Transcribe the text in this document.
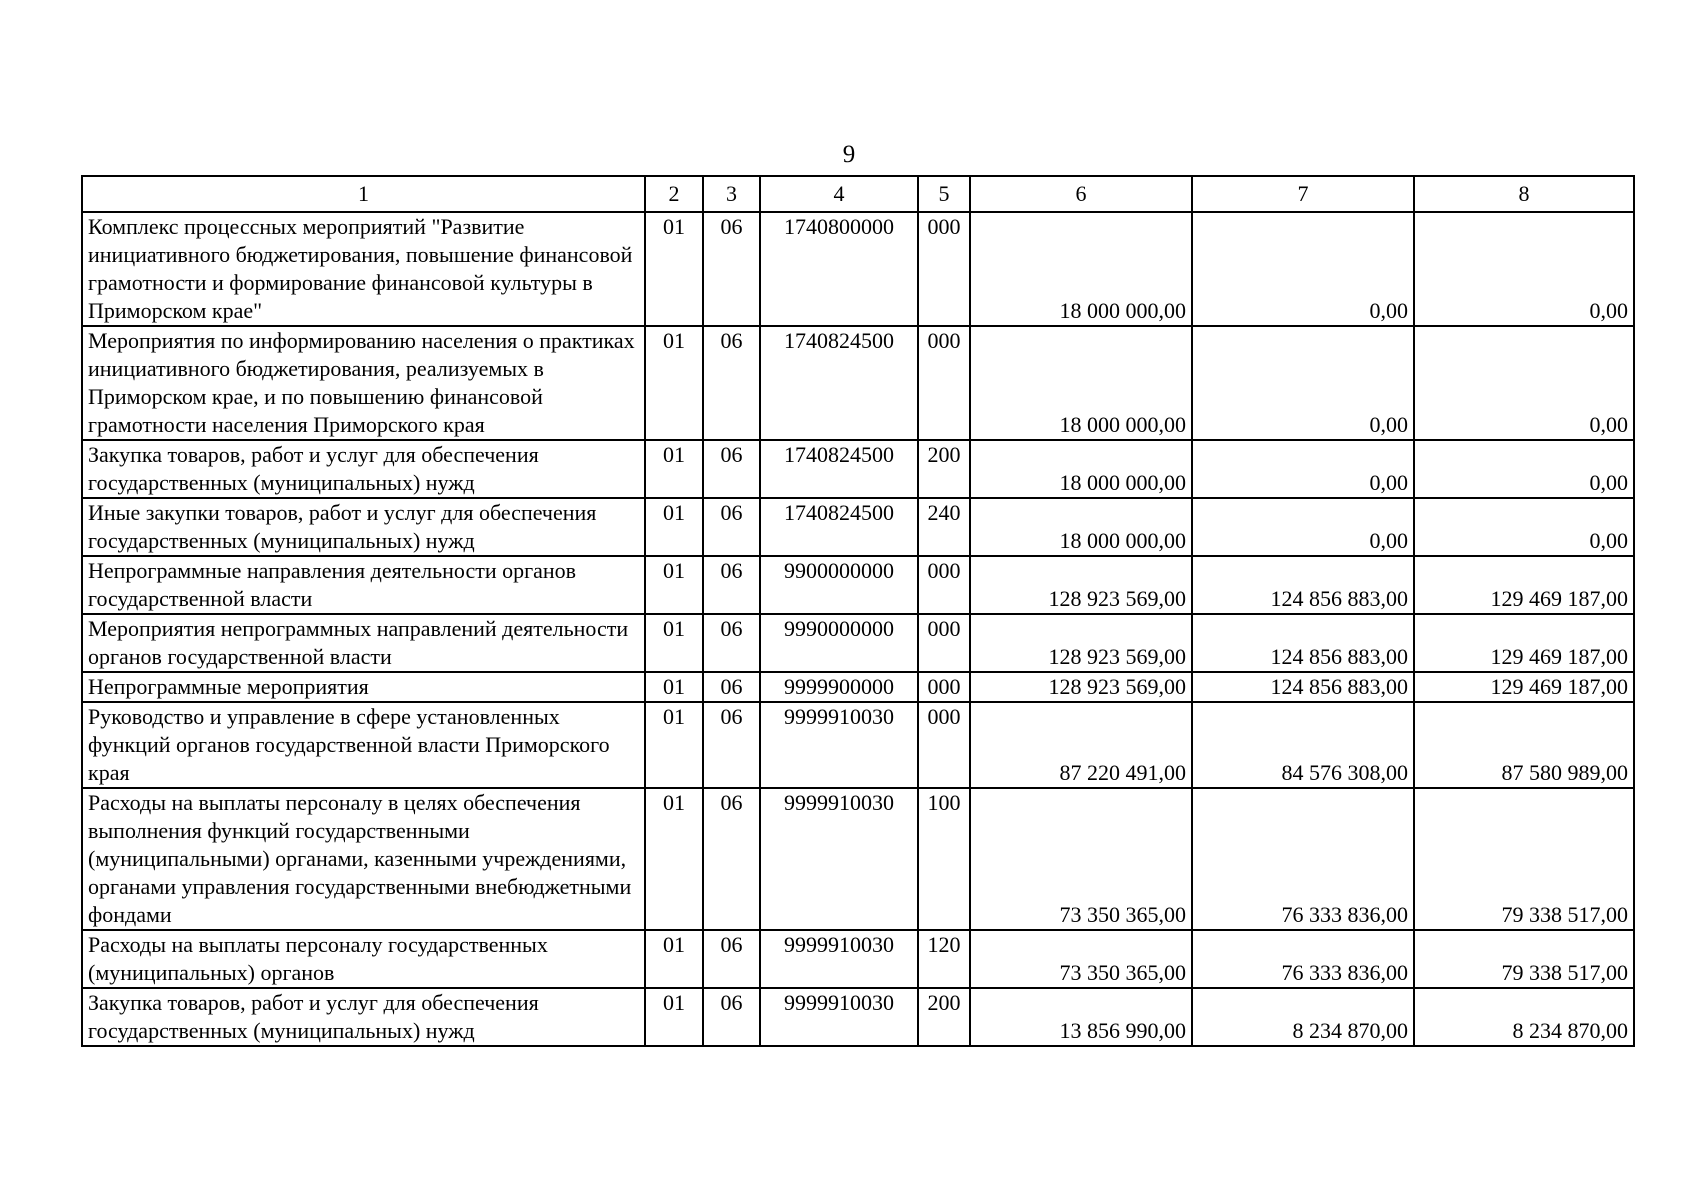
9
1	2	3	4	5	6	7	8
Комплекс процессных мероприятий "Развитие инициативного бюджетирования, повышение финансовой грамотности и формирование финансовой культуры в Приморском крае"	01	06	1740800000	000	18 000 000,00	0,00	0,00
Мероприятия по информированию населения о практиках инициативного бюджетирования, реализуемых в Приморском крае, и по повышению финансовой грамотности населения Приморского края	01	06	1740824500	000	18 000 000,00	0,00	0,00
Закупка товаров, работ и услуг для обеспечения государственных (муниципальных) нужд	01	06	1740824500	200	18 000 000,00	0,00	0,00
Иные закупки товаров, работ и услуг для обеспечения государственных (муниципальных) нужд	01	06	1740824500	240	18 000 000,00	0,00	0,00
Непрограммные направления деятельности органов государственной власти	01	06	9900000000	000	128 923 569,00	124 856 883,00	129 469 187,00
Мероприятия непрограммных направлений деятельности органов государственной власти	01	06	9990000000	000	128 923 569,00	124 856 883,00	129 469 187,00
Непрограммные мероприятия	01	06	9999900000	000	128 923 569,00	124 856 883,00	129 469 187,00
Руководство и управление в сфере установленных функций органов государственной власти Приморского края	01	06	9999910030	000	87 220 491,00	84 576 308,00	87 580 989,00
Расходы на выплаты персоналу в целях обеспечения выполнения функций государственными (муниципальными) органами, казенными учреждениями, органами управления государственными внебюджетными фондами	01	06	9999910030	100	73 350 365,00	76 333 836,00	79 338 517,00
Расходы на выплаты персоналу государственных (муниципальных) органов	01	06	9999910030	120	73 350 365,00	76 333 836,00	79 338 517,00
Закупка товаров, работ и услуг для обеспечения государственных (муниципальных) нужд	01	06	9999910030	200	13 856 990,00	8 234 870,00	8 234 870,00
